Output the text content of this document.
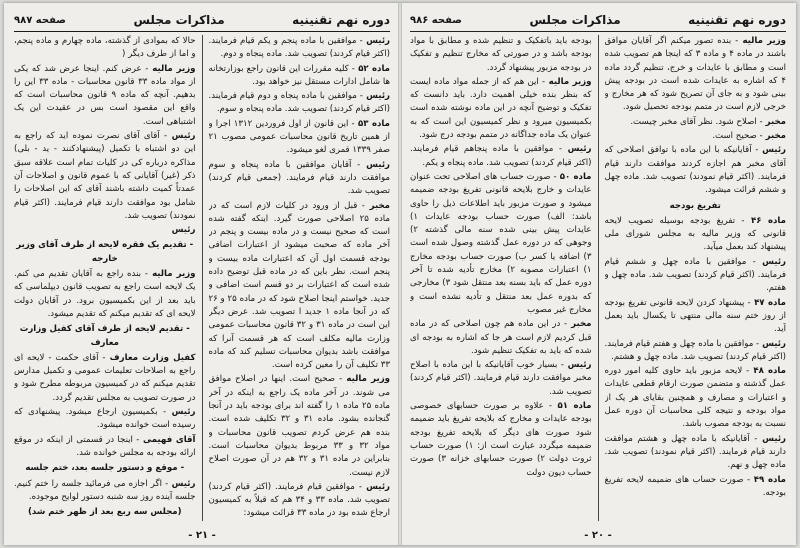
دوره نهم تقنینیه
مذاکرات مجلس
صفحه ۹۸۷

رئیس - موافقین با ماده پنجم و یکم قیام فرمایند. (اکثر قیام کردند) تصویب شد. ماده پنجاه و دوم.

ماده ۵۲ - کلیه مقررات این قانون راجع بوزارتخانه ها شامل ادارات مستقل نیز خواهد بود.

رئیس - موافقین با ماده پنجاه و دوم قیام فرمایند. (اکثر قیام کردند) تصویب شد. ماده پنجاه و سوم.

ماده ۵۳ - این قانون از اول فروردین ۱۳۱۲ اجرا و از همین تاریخ قانون محاسبات عمومی مصوب ۲۱ صفر ۱۳۳۹ قمری لغو میشود.

رئیس - آقایان موافقین با ماده پنجاه و سوم موافقت دارند قیام فرمایند. (جمعی قیام کردند) تصویب شد.

مخبر - قبل از ورود در کلیات لازم است که در ماده ۲۵ اصلاحی صورت گیرد. اینکه گفته شده است که صحیح نیست و در ماده بیست و پنجم در آخر ماده که صحبت میشود از اعتبارات اضافی بودجه قسمت اول آن که اعتبارات ماده بیست و پنجم است. نظر باین که در ماده قبل توضیح داده شده است که اعتبارات بر دو قسم است اضافی و جدید. خواستم اینجا اصلاح شود که در ماده ۲۵ و ۲۶ که در آنجا ماده ۱ جدید ا تصویب شد. عرض دیگر این است در ماده ۳۱ و ۳۲ قانون محاسبات عمومی وزارت مالیه مکلف است که هر قسمت آنرا که موافقت باشد بدیوان محاسبات تسلیم کند که ماده ۳۳ تکلیف آن را معین کرده است.

وزیر مالیه - صحیح است. اینها در اصلاح موافق می شوند. در آخر ماده یک راجع به اینکه در آخر ماده ۲۵ ماده ۱ را گفته اند برای بودجه باید در آنجا گنجانده بشود. ماده ۳۱ و ۳۲ تکلیف شده است. بنده هم عرض کردم تصویب قانون محاسبات و مواد ۳۲ و ۳۳ مربوط بدیوان محاسبات است. بنابراین در ماده ۳۱ و ۳۲ هم در آن صورت اصلاح لازم نیست.

رئیس - موافقین قیام فرمایند. (اکثر قیام کردند) تصویب شد. ماده ۳۳ و ۳۴ هم که قبلاً به کمیسیون ارجاع شده بود در ماده ۳۳ قرائت میشود:

حالا که بموادی از گذشته، ماده چهارم و ماده پنجم، و اما از طرف دیگر (

وزیر مالیه - عرض کنم. اینجا عرض شد که یکی از مواد ماده ۳۳ قانون محاسبات - ماده ۳۳ این را بدهیم. آنچه که ماده ۹ قانون محاسبات است که واقع این مقصود است بس در عقیدت این یک اشتباهی است.

رئیس - آقای آقای نصرت نموده اید که راجع به این دو اشتباه با تکمیل (پیشنهادکنند - ید - بلی) مذاکره درباره کی در کلیات تمام است علاقه سبق ذکر (غیر) آقایانی که با عموم قانون و اصلاحات آن عمدتاً کمیت داشته باشند آقای که این اصلاحات را شامل بود موافقت دارند قیام فرمایند. (اکثر قیام نمودند) تصویب شد.

رئیس

- تقدیم یک فقره لایحه از طرف آقای وزیر خارجه

وزیر مالیه - بنده راجع به آقایان تقدیم می کنم. یک لایحه است راجع به تصویب قانون دیپلماسی که باید بعد از این بکمیسیون برود. در آقایان دولت لایحه ای که تقدیم میکنم که تقدیم میشود.

- تقدیم لایحه از طرف آقای کفیل وزارت معارف

کفیل وزارت معارف - آقای حکمت - لایحه ای راجع به اصلاحات تعلیمات عمومی و تکمیل مدارس تقدیم میکنم که در کمیسیون مربوطه مطرح شود و در صورت تصویب به مجلس تقدیم گردد.

رئیس - بکمیسیون ارجاع میشود. پیشنهادی که رسیده است خوانده میشود.

آقای فهیمی - اینجا در قسمتی از اینکه در موقع ارائه بودجه به مجلس خوانده شد.

- موقع و دستور جلسه بعد، ختم جلسه

رئیس - اگر اجازه می فرمائید جلسه را ختم کنیم. جلسه آینده روز سه شنبه دستور لوایح موجوده.

(مجلس سه ربع بعد از ظهر ختم شد)

- ۲۱ -
دوره نهم تقنینیه
مذاکرات مجلس
صفحه ۹۸۶

وزیر مالیه - بنده تصور میکنم اگر آقایان موافق باشند در ماده ۴ و ماده ۳ که اینجا هم تصویب شده است و مطابق با عایدات و خرج، تنظیم گردد ماده ۴ که اشاره به عایدات شده است در بودجه پیش بینی شود و به جای آن تصریح شود که هر مخارج و خرجی لازم است در متمم بودجه تحصیل شود.

مخبر - اصلاح شود. نظر آقای مخبر چیست.

مخبر - صحیح است.

رئیس - آقایانیکه با این ماده با توافق اصلاحی که آقای مخبر هم اجازه کردند موافقت دارند قیام فرمایند. (اکثر قیام نمودند) تصویب شد. ماده چهل و ششم قرائت میشود.

تفریغ بودجه

ماده ۴۶ - تفریغ بودجه بوسیله تصویب لایحه قانونی که وزیر مالیه به مجلس شورای ملی پیشنهاد کند بعمل میآید.

رئیس - موافقین با ماده چهل و ششم قیام فرمایند. (اکثر قیام کردند) تصویب شد. ماده چهل و هفتم.

ماده ۴۷ - پیشنهاد کردن لایحه قانونی تفریغ بودجه از روز ختم سنه مالی منتهی تا یکسال باید بعمل آید.

رئیس - موافقین با ماده چهل و هفتم قیام فرمایند. (اکثر قیام کردند) تصویب شد. ماده چهل و هشتم.

ماده ۴۸ - لایحه مزبور باید حاوی کلیه امور دوره عمل گذشته و متضمن صورت ارقام قطعی عایدات و اعتبارات و مصارف و همچنین بقایای هر یک از مواد بودجه و نتیجه کلی محاسبات آن دوره عمل نسبت به بودجه مصوب باشد.

رئیس - آقایانیکه با ماده چهل و هشتم موافقت دارند قیام فرمایند. (اکثر قیام نمودند) تصویب شد. ماده چهل و نهم.

ماده ۴۹ - صورت حساب های ضمیمه لایحه تفریغ بودجه.

بودجه باید باتفکیک و تنظیم شده و مطابق با مواد بودجه باشد و در صورتی که مخارج تنظیم و تفکیک در بودجه مزبور پیشنهاد گردد.

وزیر مالیه - این هم که از جمله مواد ماده ایست که بنظر بنده خیلی اهمیت دارد. باید دانست که تفکیک و توضیح آنچه در این ماده نوشته شده است بکمیسیون میرود و نظر کمیسیون این است که به عنوان یک ماده جداگانه در متمم بودجه درج شود.

رئیس - موافقین با ماده پنجاهم قیام فرمایند. (اکثر قیام کردند) تصویب شد. ماده پنجاه و یکم.

ماده ۵۰ - صورت حساب های اصلاحی تحت عنوان عایدات و خارج بلایحه قانونی تفریغ بودجه ضمیمه میشود و صورت مزبور باید اطلاعات ذیل را حاوی باشد: الف) صورت حساب بودجه عایدات ۱) عایدات پیش بینی شده سنه مالی گذشته ۲) وجوهی که در دوره عمل گذشته وصول شده است ۳) اضافه یا کسر ب) صورت حساب بودجه مخارج ۱) اعتبارات مصوبه ۲) مخارج تأدیه شده تا آخر دوره عمل که باید بسنه بعد منتقل شود ۳) مخارجی که بدوره عمل بعد منتقل و تأدیه نشده است و مخارج غیر مصوب

مخبر - در این ماده هم چون اصلاحی که در ماده قبل کردیم لازم است هر جا که اشاره به بودجه ای شده که باید به تفکیک تنظیم شود.

رئیس - بسیار خوب آقایانیکه با این ماده با اصلاح مخبر موافقت دارند قیام فرمایند. (اکثر قیام کردند) تصویب شد.

ماده ۵۱ - علاوه بر صورت حسابهای خصوصی بودجه عایدات و مخارج که بلایحه تفریغ باید ضمیمه شود صورت های دیگر که بلایحه تفریغ بودجه ضمیمه میگردد عبارت است از: ۱) صورت حساب ثروت دولت ۲) صورت حسابهای خزانه ۳) صورت حساب دیون دولت

- ۲۰ -
